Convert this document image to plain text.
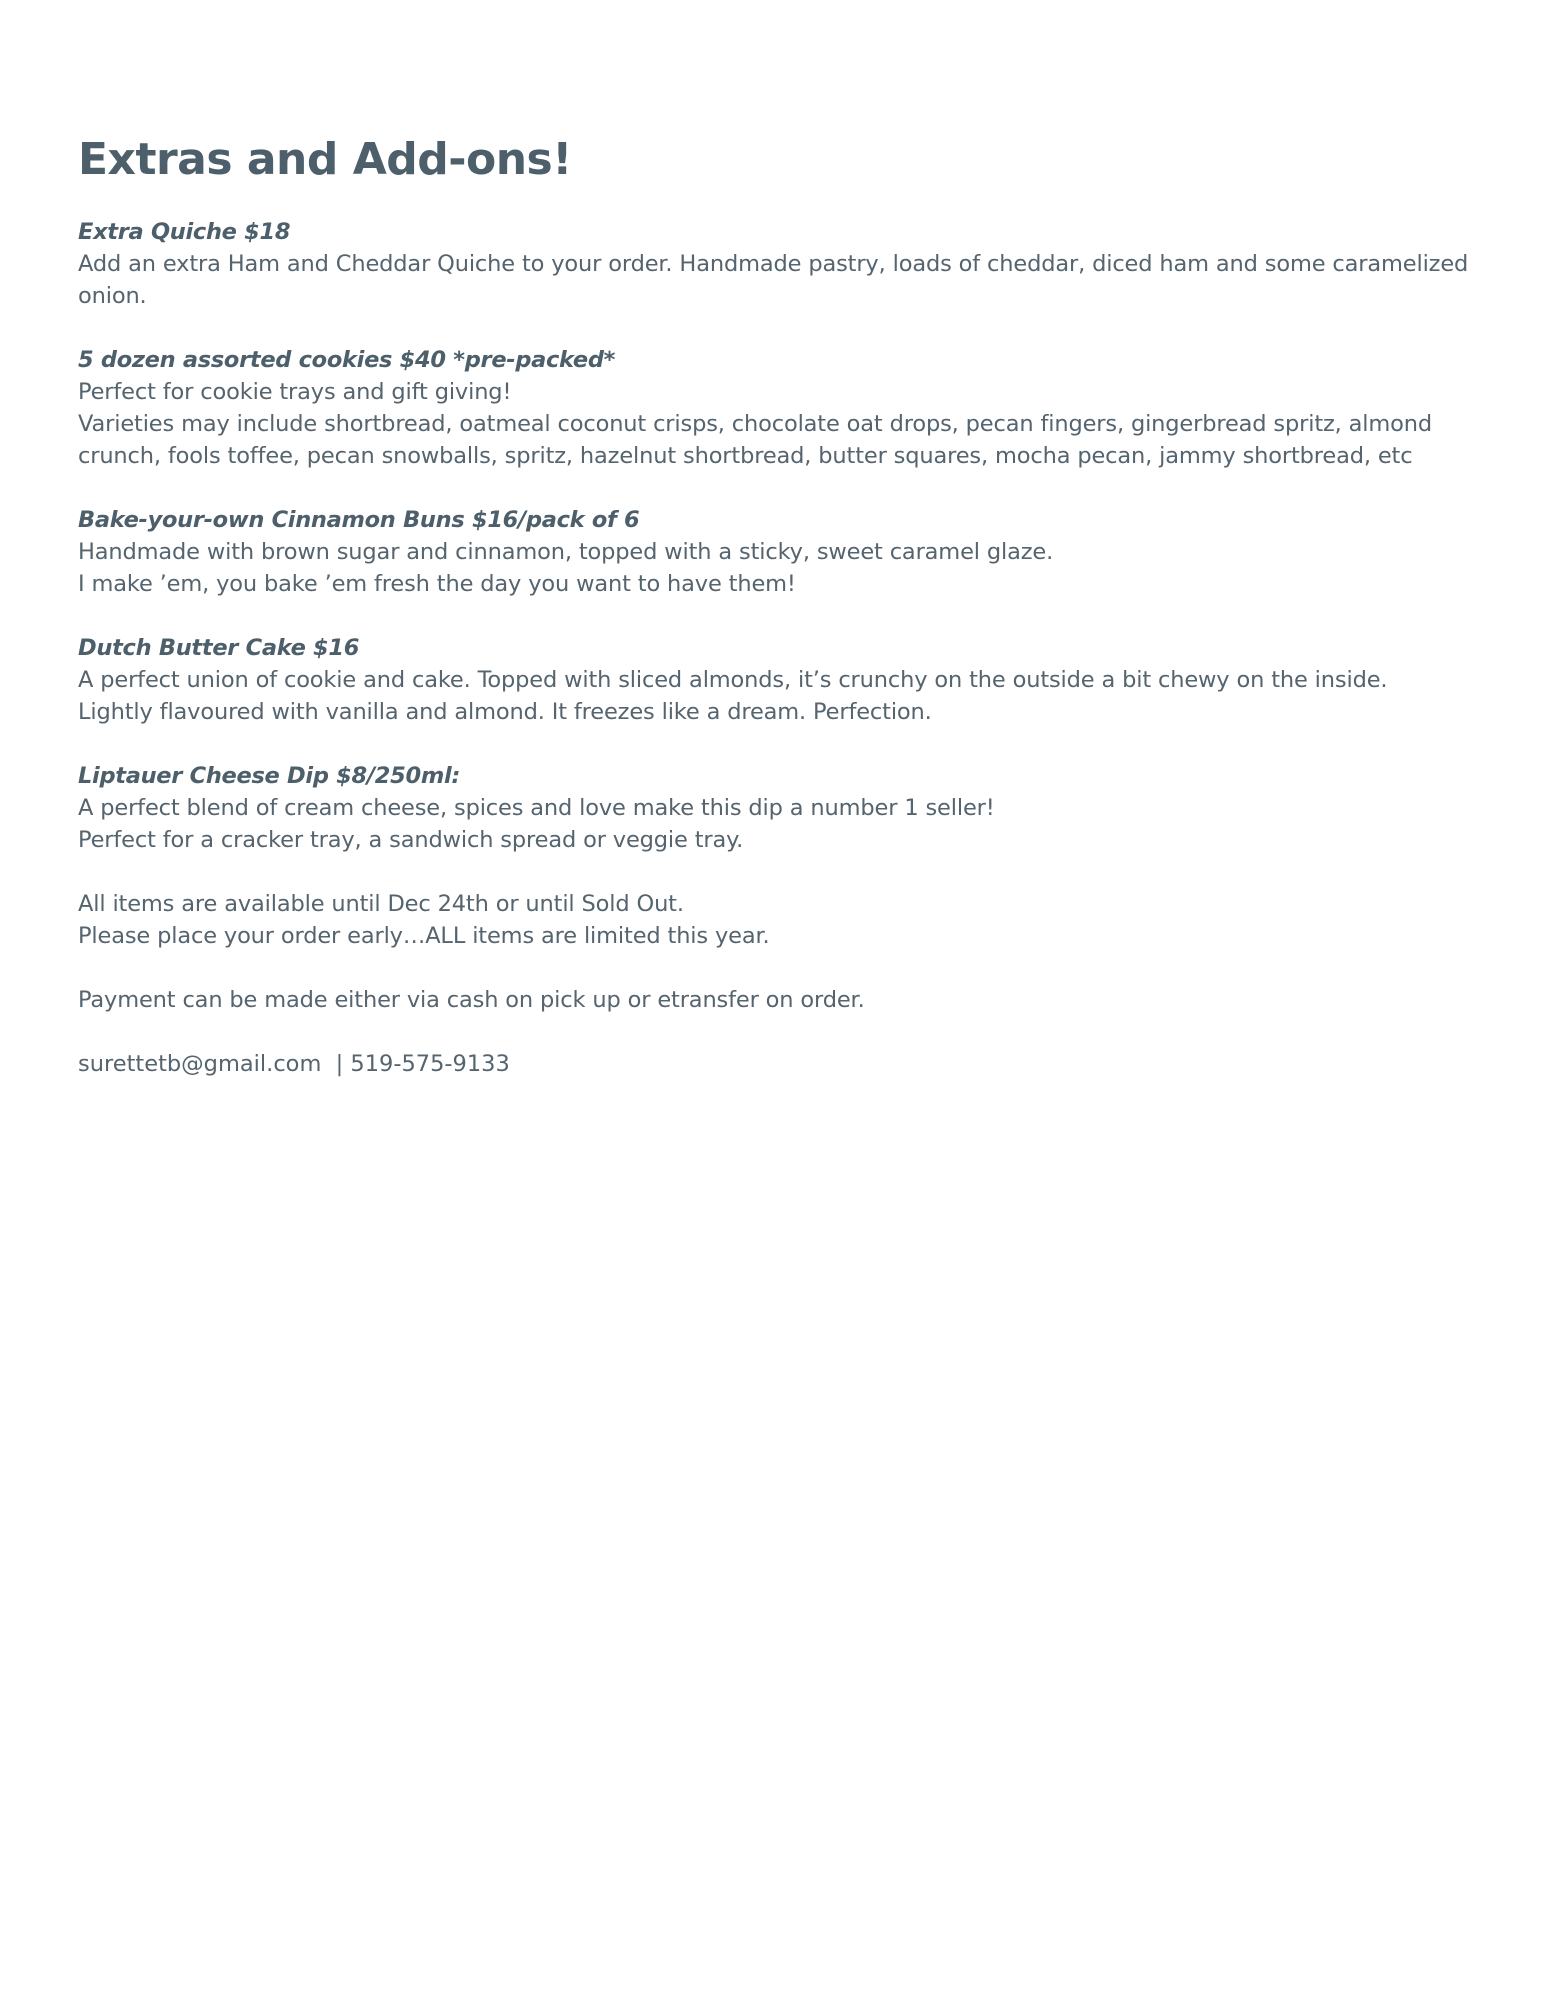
Extras and Add-ons!
Extra Quiche $18
Add an extra Ham and Cheddar Quiche to your order. Handmade pastry, loads of cheddar, diced ham and some caramelized onion.
5 dozen assorted cookies $40 *pre-packed*
Perfect for cookie trays and gift giving!
Varieties may include shortbread, oatmeal coconut crisps, chocolate oat drops, pecan fingers, gingerbread spritz, almond crunch, fools toffee, pecan snowballs, spritz, hazelnut shortbread, butter squares, mocha pecan, jammy shortbread, etc
Bake-your-own Cinnamon Buns $16/pack of 6
Handmade with brown sugar and cinnamon, topped with a sticky, sweet caramel glaze.
I make ’em, you bake ’em fresh the day you want to have them!
Dutch Butter Cake $16
A perfect union of cookie and cake. Topped with sliced almonds, it’s crunchy on the outside a bit chewy on the inside.
Lightly flavoured with vanilla and almond. It freezes like a dream. Perfection.
Liptauer Cheese Dip $8/250ml:
A perfect blend of cream cheese, spices and love make this dip a number 1 seller!
Perfect for a cracker tray, a sandwich spread or veggie tray.
All items are available until Dec 24th or until Sold Out.
Please place your order early…ALL items are limited this year.
Payment can be made either via cash on pick up or etransfer on order.
surettetb@gmail.com  | 519-575-9133
